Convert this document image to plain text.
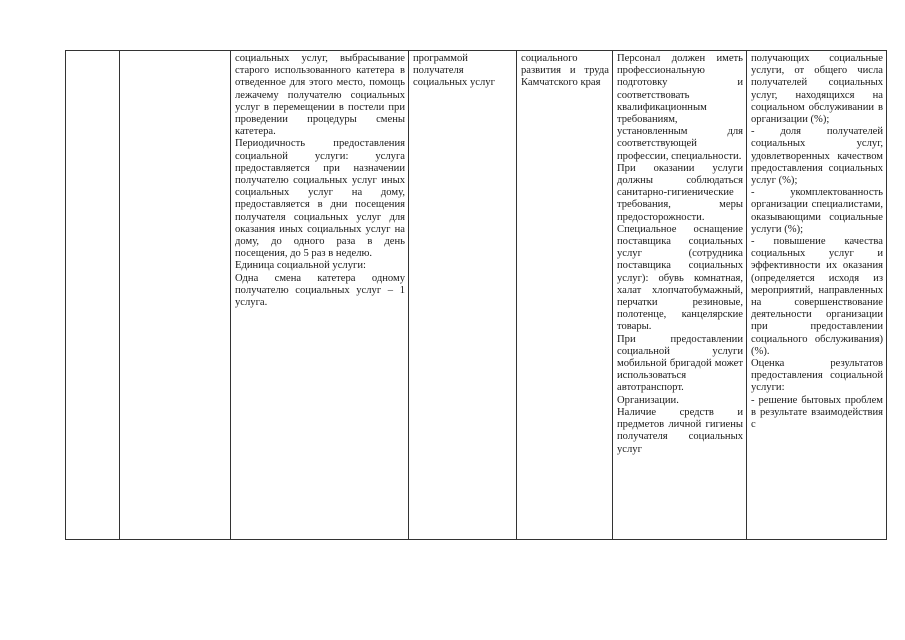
социальных услуг, выбрасывание старого использованного катетера в отведенное для этого место, помощь лежачему получателю социальных услуг в перемещении в постели при проведении процедуры смены катетера.

Периодичность предоставления социальной услуги: услуга предоставляется при назначении получателю социальных услуг иных социальных услуг на дому, предоставляется в дни посещения получателя социальных услуг для оказания иных социальных услуг на дому, до одного раза в день посещения, до 5 раз в неделю.

Единица социальной услуги:

Одна смена катетера одному получателю социальных услуг – 1 услуга.

программой получателя социальных услуг

социального развития и труда Камчатского края

Персонал должен иметь профессиональную подготовку и соответствовать квалификационным требованиям, установленным для соответствующей профессии, специальности.

При оказании услуги должны соблюдаться санитарно-гигиенические требования, меры предосторожности.

Специальное оснащение поставщика социальных услуг (сотрудника поставщика социальных услуг): обувь комнатная, халат хлопчатобумажный, перчатки резиновые, полотенце, канцелярские товары.

При предоставлении социальной услуги мобильной бригадой может использоваться автотранспорт.

Организации.

Наличие средств и предметов личной гигиены получателя социальных услуг

получающих социальные услуги, от общего числа получателей социальных услуг, находящихся на социальном обслуживании в организации (%);

- доля получателей социальных услуг, удовлетворенных качеством предоставления социальных услуг (%);

- укомплектованность организации специалистами, оказывающими социальные услуги (%);

- повышение качества социальных услуг и эффективности их оказания (определяется исходя из мероприятий, направленных на совершенствование деятельности организации при предоставлении социального обслуживания) (%).

Оценка результатов предоставления социальной услуги:

- решение бытовых проблем в результате взаимодействия с
